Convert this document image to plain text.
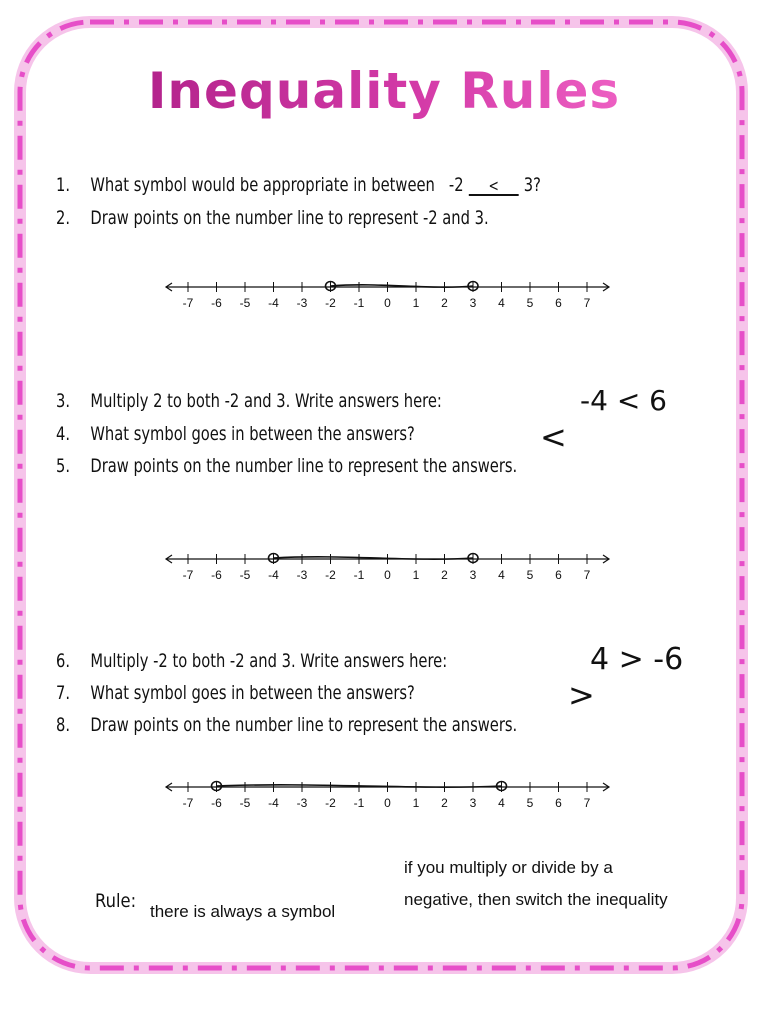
Inequality Rules
1. What symbol would be appropriate in between -2 < 3?
2. Draw points on the number line to represent -2 and 3.
-7 -6 -5 -4 -3 -2 -1 0 1 2 3 4 5 6 7
3. Multiply 2 to both -2 and 3. Write answers here:	-4 < 6
4. What symbol goes in between the answers?	<
5. Draw points on the number line to represent the answers.
-7 -6 -5 -4 -3 -2 -1 0 1 2 3 4 5 6 7
6. Multiply -2 to both -2 and 3. Write answers here:	4 > -6
7. What symbol goes in between the answers?	>
8. Draw points on the number line to represent the answers.
-7 -6 -5 -4 -3 -2 -1 0 1 2 3 4 5 6 7
Rule: there is always a symbol
if you multiply or divide by a
negative, then switch the inequality
